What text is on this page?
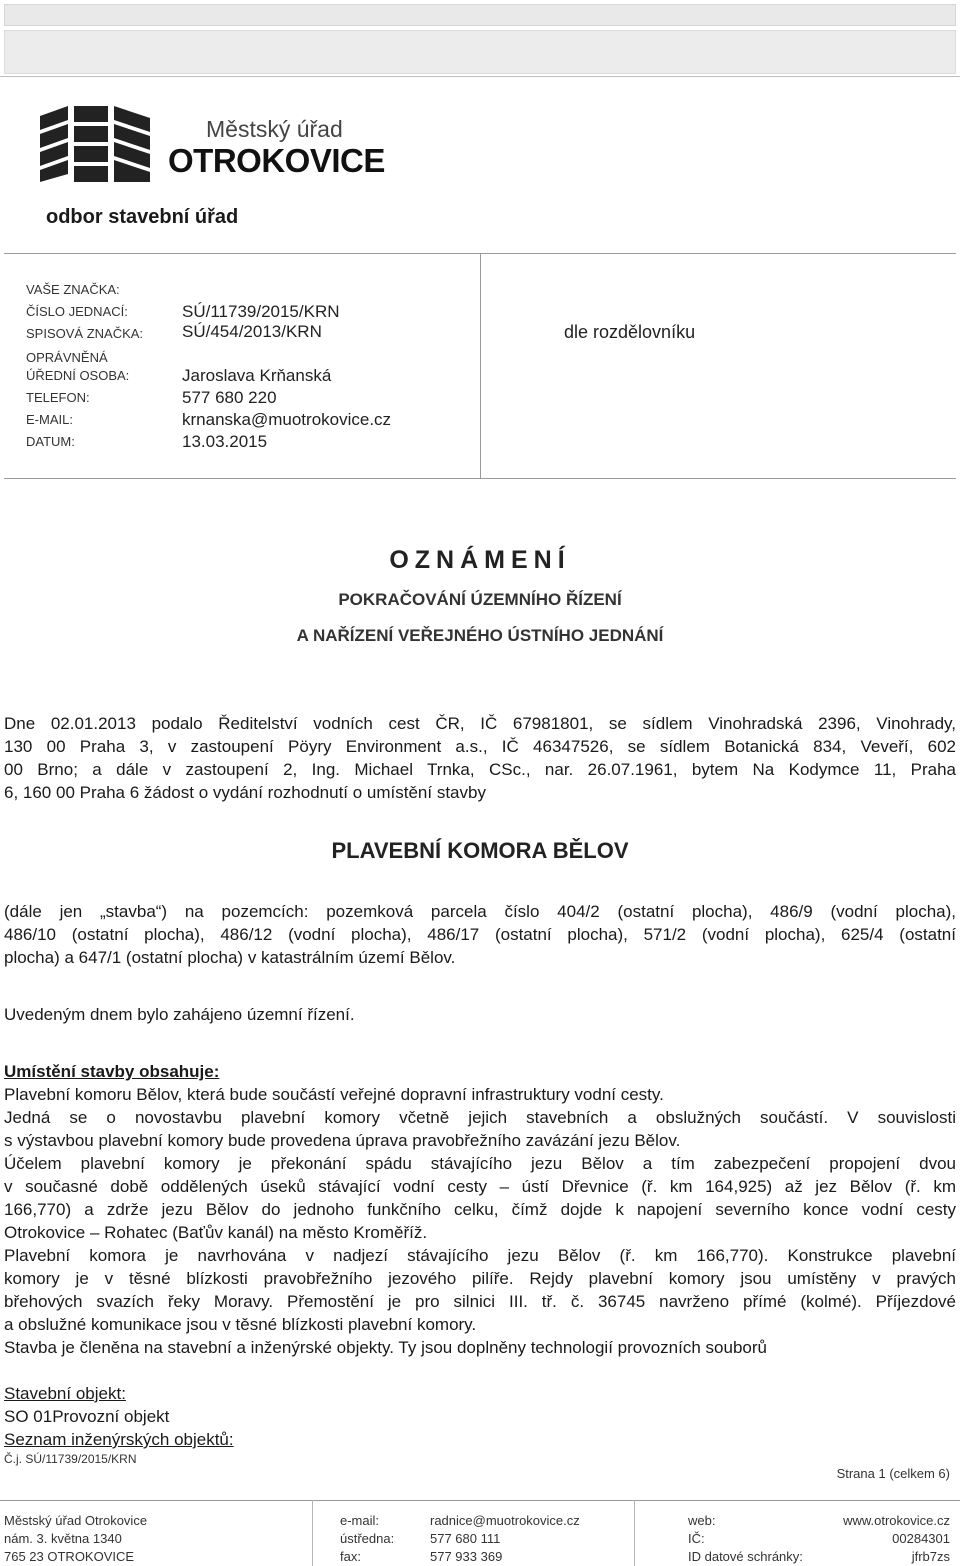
Městský úřad
OTROKOVICE
odbor stavební úřad
VAŠE ZNAČKA:
ČÍSLO JEDNACÍ:	SÚ/11739/2015/KRN
SPISOVÁ ZNAČKA: SÚ/454/2013/KRN
OPRÁVNĚNÁ
ÚŘEDNÍ OSOBA:	Jaroslava Krňanská
TELEFON:	577 680 220
E-MAIL:	krnanska@muotrokovice.cz
DATUM:	13.03.2015
dle rozdělovníku
OZNÁMENÍ
POKRAČOVÁNÍ ÚZEMNÍHO ŘÍZENÍ
A NAŘÍZENÍ VEŘEJNÉHO ÚSTNÍHO JEDNÁNÍ
Dne 02.01.2013 podalo Ředitelství vodních cest ČR, IČ 67981801, se sídlem Vinohradská 2396, Vinohrady,
130 00 Praha 3, v zastoupení Pöyry Environment a.s., IČ 46347526, se sídlem Botanická 834, Veveří, 602
00 Brno; a dále v zastoupení 2, Ing. Michael Trnka, CSc., nar. 26.07.1961, bytem Na Kodymce 11, Praha
6, 160 00 Praha 6 žádost o vydání rozhodnutí o umístění stavby
PLAVEBNÍ KOMORA BĚLOV
(dále jen „stavba“) na pozemcích: pozemková parcela číslo 404/2 (ostatní plocha), 486/9 (vodní plocha),
486/10 (ostatní plocha), 486/12 (vodní plocha), 486/17 (ostatní plocha), 571/2 (vodní plocha), 625/4 (ostatní
plocha) a 647/1 (ostatní plocha) v katastrálním území Bělov.
Uvedeným dnem bylo zahájeno územní řízení.
Umístění stavby obsahuje:
Plavební komoru Bělov, která bude součástí veřejné dopravní infrastruktury vodní cesty.
Jedná se o novostavbu plavební komory včetně jejich stavebních a obslužných součástí. V souvislosti
s výstavbou plavební komory bude provedena úprava pravobřežního zavázání jezu Bělov.
Účelem plavební komory je překonání spádu stávajícího jezu Bělov a tím zabezpečení propojení dvou
v současné době oddělených úseků stávající vodní cesty – ústí Dřevnice (ř. km 164,925) až jez Bělov (ř. km
166,770) a zdrže jezu Bělov do jednoho funkčního celku, čímž dojde k napojení severního konce vodní cesty
Otrokovice – Rohatec (Baťův kanál) na město Kroměříž.
Plavební komora je navrhována v nadjezí stávajícího jezu Bělov (ř. km 166,770). Konstrukce plavební
komory je v těsné blízkosti pravobřežního jezového pilíře. Rejdy plavební komory jsou umístěny v pravých
břehových svazích řeky Moravy. Přemostění je pro silnici III. tř. č. 36745 navrženo přímé (kolmé). Příjezdové
a obslužné komunikace jsou v těsné blízkosti plavební komory.
Stavba je členěna na stavební a inženýrské objekty. Ty jsou doplněny technologií provozních souborů
Stavební objekt:
SO 01Provozní objekt
Seznam inženýrských objektů:
Č.j. SÚ/11739/2015/KRN
Strana 1 (celkem 6)
Městský úřad Otrokovice
nám. 3. května 1340
765 23 OTROKOVICE
e-mail:	radnice@muotrokovice.cz
ústředna:	577 680 111
fax:	577 933 369
web:	www.otrokovice.cz
IČ:	00284301
ID datové schránky:	jfrb7zs
